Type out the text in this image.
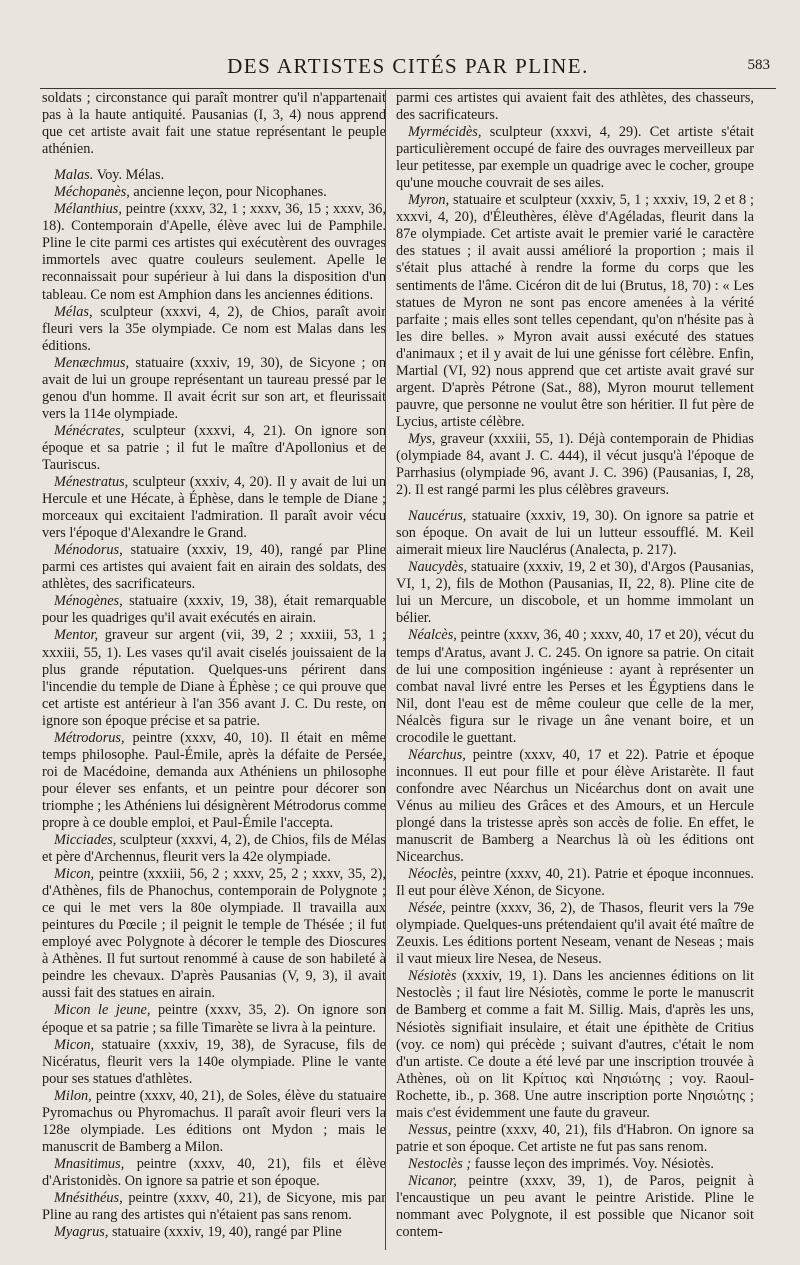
DES ARTISTES CITÉS PAR PLINE.	583

soldats ; circonstance qui paraît montrer qu'il n'appartenait pas à la haute antiquité. Pausanias (I, 3, 4) nous apprend que cet artiste avait fait une statue représentant le peuple athénien.

Malas. Voy. Mélas.

Méchopanès, ancienne leçon, pour Nicophanes.

Mélanthius, peintre (xxxv, 32, 1 ; xxxv, 36, 15 ; xxxv, 36, 18). Contemporain d'Apelle, élève avec lui de Pamphile. Pline le cite parmi ces artistes qui exécutèrent des ouvrages immortels avec quatre couleurs seulement. Apelle le reconnaissait pour supérieur à lui dans la disposition d'un tableau. Ce nom est Amphion dans les anciennes éditions.

Mélas, sculpteur (xxxvi, 4, 2), de Chios, paraît avoir fleuri vers la 35e olympiade. Ce nom est Malas dans les éditions.

Menæchmus, statuaire (xxxiv, 19, 30), de Sicyone ; on avait de lui un groupe représentant un taureau pressé par le genou d'un homme. Il avait écrit sur son art, et fleurissait vers la 114e olympiade.

Ménécrates, sculpteur (xxxvi, 4, 21). On ignore son époque et sa patrie ; il fut le maître d'Apollonius et de Tauriscus.

Ménestratus, sculpteur (xxxiv, 4, 20). Il y avait de lui un Hercule et une Hécate, à Éphèse, dans le temple de Diane ; morceaux qui excitaient l'admiration. Il paraît avoir vécu vers l'époque d'Alexandre le Grand.

Ménodorus, statuaire (xxxiv, 19, 40), rangé par Pline parmi ces artistes qui avaient fait en airain des soldats, des athlètes, des sacrificateurs.

Ménogènes, statuaire (xxxiv, 19, 38), était remarquable pour les quadriges qu'il avait exécutés en airain.

Mentor, graveur sur argent (vii, 39, 2 ; xxxiii, 53, 1 ; xxxiii, 55, 1). Les vases qu'il avait ciselés jouissaient de la plus grande réputation. Quelques-uns périrent dans l'incendie du temple de Diane à Éphèse ; ce qui prouve que cet artiste est antérieur à l'an 356 avant J. C. Du reste, on ignore son époque précise et sa patrie.

Métrodorus, peintre (xxxv, 40, 10). Il était en même temps philosophe. Paul-Émile, après la défaite de Persée, roi de Macédoine, demanda aux Athéniens un philosophe pour élever ses enfants, et un peintre pour décorer son triomphe ; les Athéniens lui désignèrent Métrodorus comme propre à ce double emploi, et Paul-Émile l'accepta.

Micciades, sculpteur (xxxvi, 4, 2), de Chios, fils de Mélas et père d'Archennus, fleurit vers la 42e olympiade.

Micon, peintre (xxxiii, 56, 2 ; xxxv, 25, 2 ; xxxv, 35, 2), d'Athènes, fils de Phanochus, contemporain de Polygnote ; ce qui le met vers la 80e olympiade. Il travailla aux peintures du Pœcile ; il peignit le temple de Thésée ; il fut employé avec Polygnote à décorer le temple des Dioscures à Athènes. Il fut surtout renommé à cause de son habileté à peindre les chevaux. D'après Pausanias (V, 9, 3), il avait aussi fait des statues en airain.

Micon le jeune, peintre (xxxv, 35, 2). On ignore son époque et sa patrie ; sa fille Timarète se livra à la peinture.

Micon, statuaire (xxxiv, 19, 38), de Syracuse, fils de Nicératus, fleurit vers la 140e olympiade. Pline le vante pour ses statues d'athlètes.

Milon, peintre (xxxv, 40, 21), de Soles, élève du statuaire Pyromachus ou Phyromachus. Il paraît avoir fleuri vers la 128e olympiade. Les éditions ont Mydon ; mais le manuscrit de Bamberg a Milon.

Mnasitimus, peintre (xxxv, 40, 21), fils et élève d'Aristonidès. On ignore sa patrie et son époque.

Mnésithéus, peintre (xxxv, 40, 21), de Sicyone, mis par Pline au rang des artistes qui n'étaient pas sans renom.

Myagrus, statuaire (xxxiv, 19, 40), rangé par Pline

parmi ces artistes qui avaient fait des athlètes, des chasseurs, des sacrificateurs.

Myrmécidès, sculpteur (xxxvi, 4, 29). Cet artiste s'était particulièrement occupé de faire des ouvrages merveilleux par leur petitesse, par exemple un quadrige avec le cocher, groupe qu'une mouche couvrait de ses ailes.

Myron, statuaire et sculpteur (xxxiv, 5, 1 ; xxxiv, 19, 2 et 8 ; xxxvi, 4, 20), d'Éleuthères, élève d'Agéladas, fleurit dans la 87e olympiade. Cet artiste avait le premier varié le caractère des statues ; il avait aussi amélioré la proportion ; mais il s'était plus attaché à rendre la forme du corps que les sentiments de l'âme. Cicéron dit de lui (Brutus, 18, 70) : « Les statues de Myron ne sont pas encore amenées à la vérité parfaite ; mais elles sont telles cependant, qu'on n'hésite pas à les dire belles. » Myron avait aussi exécuté des statues d'animaux ; et il y avait de lui une génisse fort célèbre. Enfin, Martial (VI, 92) nous apprend que cet artiste avait gravé sur argent. D'après Pétrone (Sat., 88), Myron mourut tellement pauvre, que personne ne voulut être son héritier. Il fut père de Lycius, artiste célèbre.

Mys, graveur (xxxiii, 55, 1). Déjà contemporain de Phidias (olympiade 84, avant J. C. 444), il vécut jusqu'à l'époque de Parrhasius (olympiade 96, avant J. C. 396) (Pausanias, I, 28, 2). Il est rangé parmi les plus célèbres graveurs.

Naucérus, statuaire (xxxiv, 19, 30). On ignore sa patrie et son époque. On avait de lui un lutteur essoufflé. M. Keil aimerait mieux lire Nauclérus (Analecta, p. 217).

Naucydès, statuaire (xxxiv, 19, 2 et 30), d'Argos (Pausanias, VI, 1, 2), fils de Mothon (Pausanias, II, 22, 8). Pline cite de lui un Mercure, un discobole, et un homme immolant un bélier.

Néalcès, peintre (xxxv, 36, 40 ; xxxv, 40, 17 et 20), vécut du temps d'Aratus, avant J. C. 245. On ignore sa patrie. On citait de lui une composition ingénieuse : ayant à représenter un combat naval livré entre les Perses et les Égyptiens dans le Nil, dont l'eau est de même couleur que celle de la mer, Néalcès figura sur le rivage un âne venant boire, et un crocodile le guettant.

Néarchus, peintre (xxxv, 40, 17 et 22). Patrie et époque inconnues. Il eut pour fille et pour élève Aristarète. Il faut confondre avec Néarchus un Nicéarchus dont on avait une Vénus au milieu des Grâces et des Amours, et un Hercule plongé dans la tristesse après son accès de folie. En effet, le manuscrit de Bamberg a Nearchus là où les éditions ont Nicearchus.

Néoclès, peintre (xxxv, 40, 21). Patrie et époque inconnues. Il eut pour élève Xénon, de Sicyone.

Nésée, peintre (xxxv, 36, 2), de Thasos, fleurit vers la 79e olympiade. Quelques-uns prétendaient qu'il avait été maître de Zeuxis. Les éditions portent Neseam, venant de Neseas ; mais il vaut mieux lire Nesea, de Neseus.

Nésiotès (xxxiv, 19, 1). Dans les anciennes éditions on lit Nestoclès ; il faut lire Nésiotès, comme le porte le manuscrit de Bamberg et comme a fait M. Sillig. Mais, d'après les uns, Nésiotès signifiait insulaire, et était une épithète de Critius (voy. ce nom) qui précède ; suivant d'autres, c'était le nom d'un artiste. Ce doute a été levé par une inscription trouvée à Athènes, où on lit Κρίτιος καὶ Νησιώτης ; voy. Raoul-Rochette, ib., p. 368. Une autre inscription porte Νησιώτης ; mais c'est évidemment une faute du graveur.

Nessus, peintre (xxxv, 40, 21), fils d'Habron. On ignore sa patrie et son époque. Cet artiste ne fut pas sans renom.

Nestoclès ; fausse leçon des imprimés. Voy. Nésiotès.

Nicanor, peintre (xxxv, 39, 1), de Paros, peignit à l'encaustique un peu avant le peintre Aristide. Pline le nommant avec Polygnote, il est possible que Nicanor soit contem-
